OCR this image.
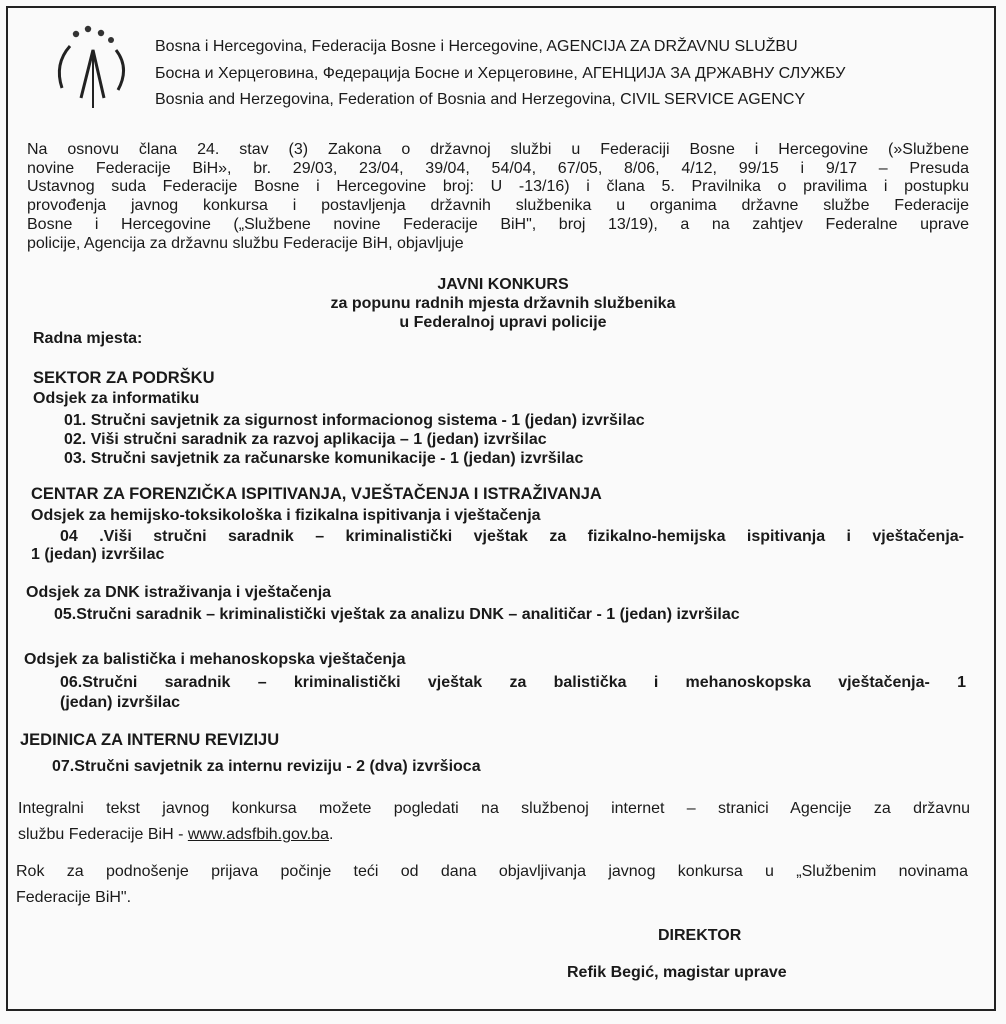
Bosna i Hercegovina, Federacija Bosne i Hercegovine, AGENCIJA ZA DRŽAVNU SLUŽBU
Босна и Херцеговина, Федерација Босне и Херцеговине, АГЕНЦИЈА ЗА ДРЖАВНУ СЛУЖБУ
Bosnia and Herzegovina, Federation of Bosnia and Herzegovina, CIVIL SERVICE AGENCY
Na osnovu člana 24. stav (3) Zakona o državnoj službi u Federaciji Bosne i Hercegovine (»Službene
novine Federacije BiH», br. 29/03, 23/04, 39/04, 54/04, 67/05, 8/06, 4/12, 99/15 i 9/17 – Presuda
Ustavnog suda Federacije Bosne i Hercegovine broj: U -13/16) i člana 5. Pravilnika o pravilima i postupku
provođenja javnog konkursa i postavljenja državnih službenika u organima državne službe Federacije
Bosne i Hercegovine („Službene novine Federacije BiH", broj 13/19), a na zahtjev Federalne uprave
policije, Agencija za državnu službu Federacije BiH, objavljuje
JAVNI KONKURS
za popunu radnih mjesta državnih službenika
u Federalnoj upravi policije
Radna mjesta:
SEKTOR ZA PODRŠKU
Odsjek za informatiku
01. Stručni savjetnik za sigurnost informacionog sistema - 1 (jedan) izvršilac
02. Viši stručni saradnik za razvoj aplikacija – 1 (jedan) izvršilac
03. Stručni savjetnik za računarske komunikacije - 1 (jedan) izvršilac
CENTAR ZA FORENZIČKA ISPITIVANJA, VJEŠTAČENJA I ISTRAŽIVANJA
Odsjek za hemijsko-toksikološka i fizikalna ispitivanja i vještačenja
04 .Viši stručni saradnik – kriminalistički vještak za fizikalno-hemijska ispitivanja i vještačenja-
1 (jedan) izvršilac
Odsjek za DNK istraživanja i vještačenja
05.Stručni saradnik – kriminalistički vještak za analizu DNK – analitičar - 1 (jedan) izvršilac
Odsjek za balistička i mehanoskopska vještačenja
06.Stručni saradnik – kriminalistički vještak za balistička i mehanoskopska vještačenja- 1
(jedan) izvršilac
JEDINICA ZA INTERNU REVIZIJU
07.Stručni savjetnik za internu reviziju - 2 (dva) izvršioca
Integralni tekst javnog konkursa možete pogledati na službenoj internet – stranici Agencije za državnu
službu Federacije BiH - www.adsfbih.gov.ba.
Rok za podnošenje prijava počinje teći od dana objavljivanja javnog konkursa u „Službenim novinama
Federacije BiH".
DIREKTOR
Refik Begić, magistar uprave
